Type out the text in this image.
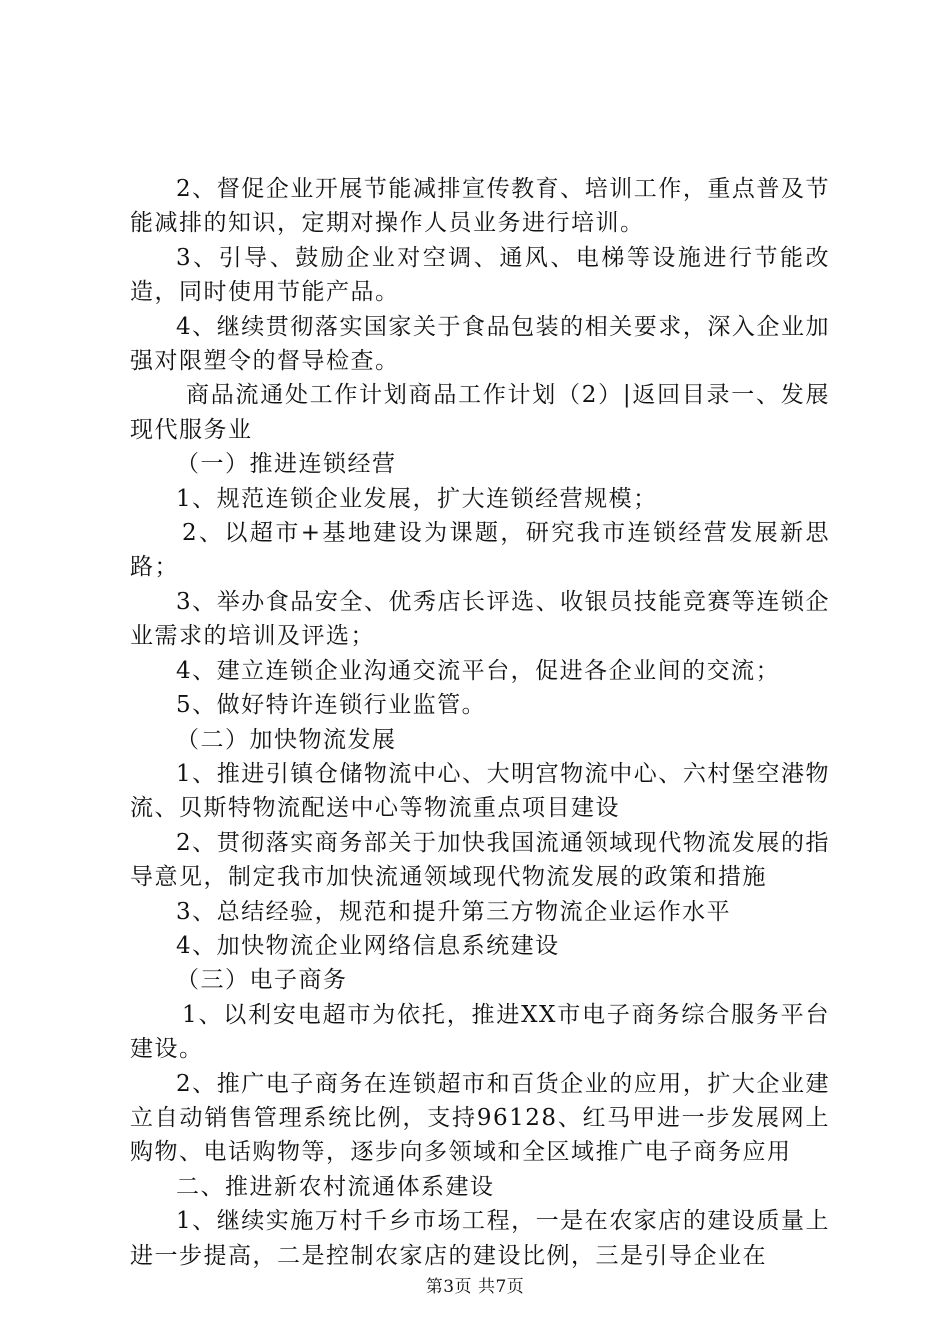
2、督促企业开展节能减排宣传教育、培训工作，重点普及节能减排的知识，定期对操作人员业务进行培训。

3、引导、鼓励企业对空调、通风、电梯等设施进行节能改造，同时使用节能产品。

4、继续贯彻落实国家关于食品包装的相关要求，深入企业加强对限塑令的督导检查。

商品流通处工作计划商品工作计划（2）|返回目录一、发展现代服务业

（一）推进连锁经营

1、规范连锁企业发展，扩大连锁经营规模；

2、以超市+基地建设为课题，研究我市连锁经营发展新思路；

3、举办食品安全、优秀店长评选、收银员技能竞赛等连锁企业需求的培训及评选；

4、建立连锁企业沟通交流平台，促进各企业间的交流；

5、做好特许连锁行业监管。

（二）加快物流发展

1、推进引镇仓储物流中心、大明宫物流中心、六村堡空港物流、贝斯特物流配送中心等物流重点项目建设

2、贯彻落实商务部关于加快我国流通领域现代物流发展的指导意见，制定我市加快流通领域现代物流发展的政策和措施

3、总结经验，规范和提升第三方物流企业运作水平

4、加快物流企业网络信息系统建设

（三）电子商务

1、以利安电超市为依托，推进XX市电子商务综合服务平台建设。

2、推广电子商务在连锁超市和百货企业的应用，扩大企业建立自动销售管理系统比例，支持96128、红马甲进一步发展网上购物、电话购物等，逐步向多领域和全区域推广电子商务应用

二、推进新农村流通体系建设

1、继续实施万村千乡市场工程，一是在农家店的建设质量上进一步提高，二是控制农家店的建设比例，三是引导企业在

第3页 共7页
